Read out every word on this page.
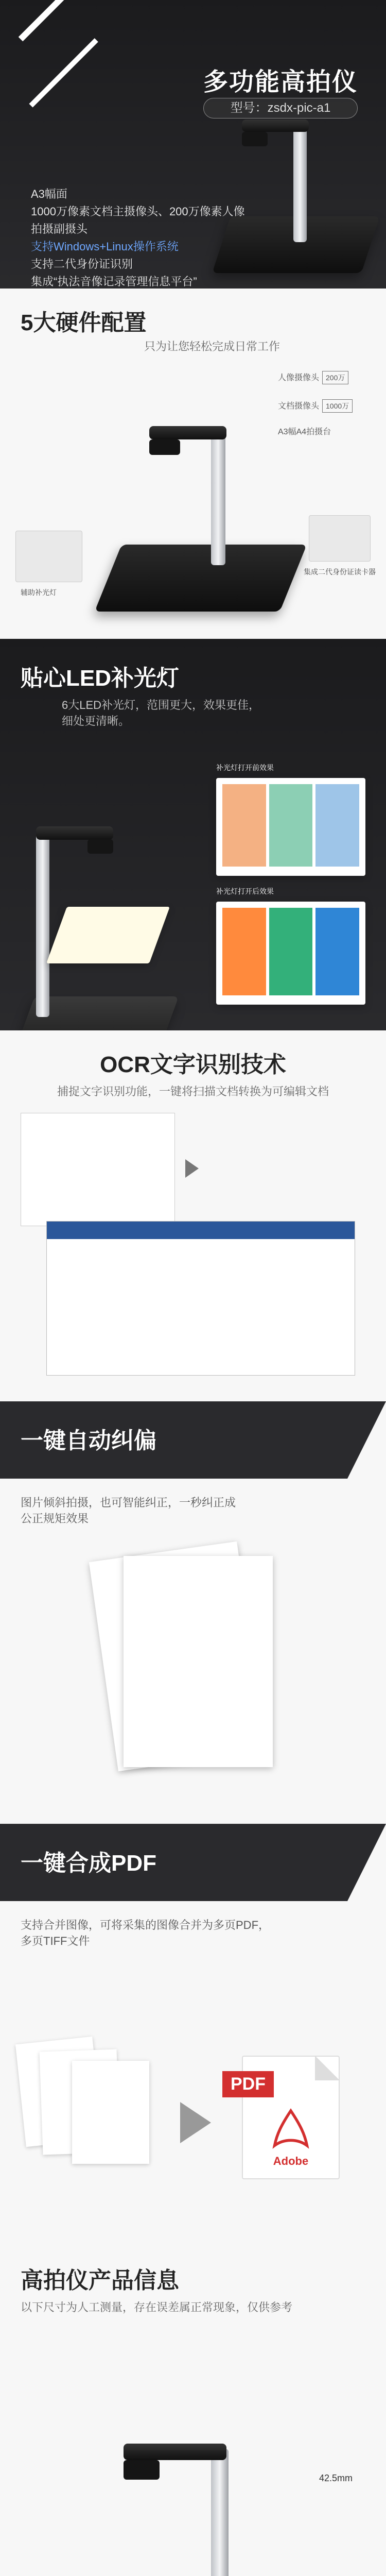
多功能高拍仪
型号：zsdx-pic-a1
A3幅面
1000万像素文档主摄像头、200万像素人像拍摄副摄头
支持Windows+Linux操作系统
支持二代身份证识别
集成“执法音像记录管理信息平台”
5大硬件配置
只为让您轻松完成日常工作
人像摄像头 200万
文档摄像头 1000万
A3幅A4拍摄台
辅助补光灯
集成二代身份证读卡器
贴心LED补光灯
6大LED补光灯，范围更大，效果更佳，
细处更清晰。
补光灯打开前效果
补光灯打开后效果
OCR文字识别技术
捕捉文字识别功能，一键将扫描文档转换为可编辑文档
一键自动纠偏
图片倾斜拍摄，也可智能纠正，一秒纠正成
公正规矩效果
一键合成PDF
支持合并图像，可将采集的图像合并为多页PDF，
多页TIFF文件
PDF
Adobe
高拍仪产品信息
以下尺寸为人工测量，存在误差属正常现象，仅供参考
42.5mm
